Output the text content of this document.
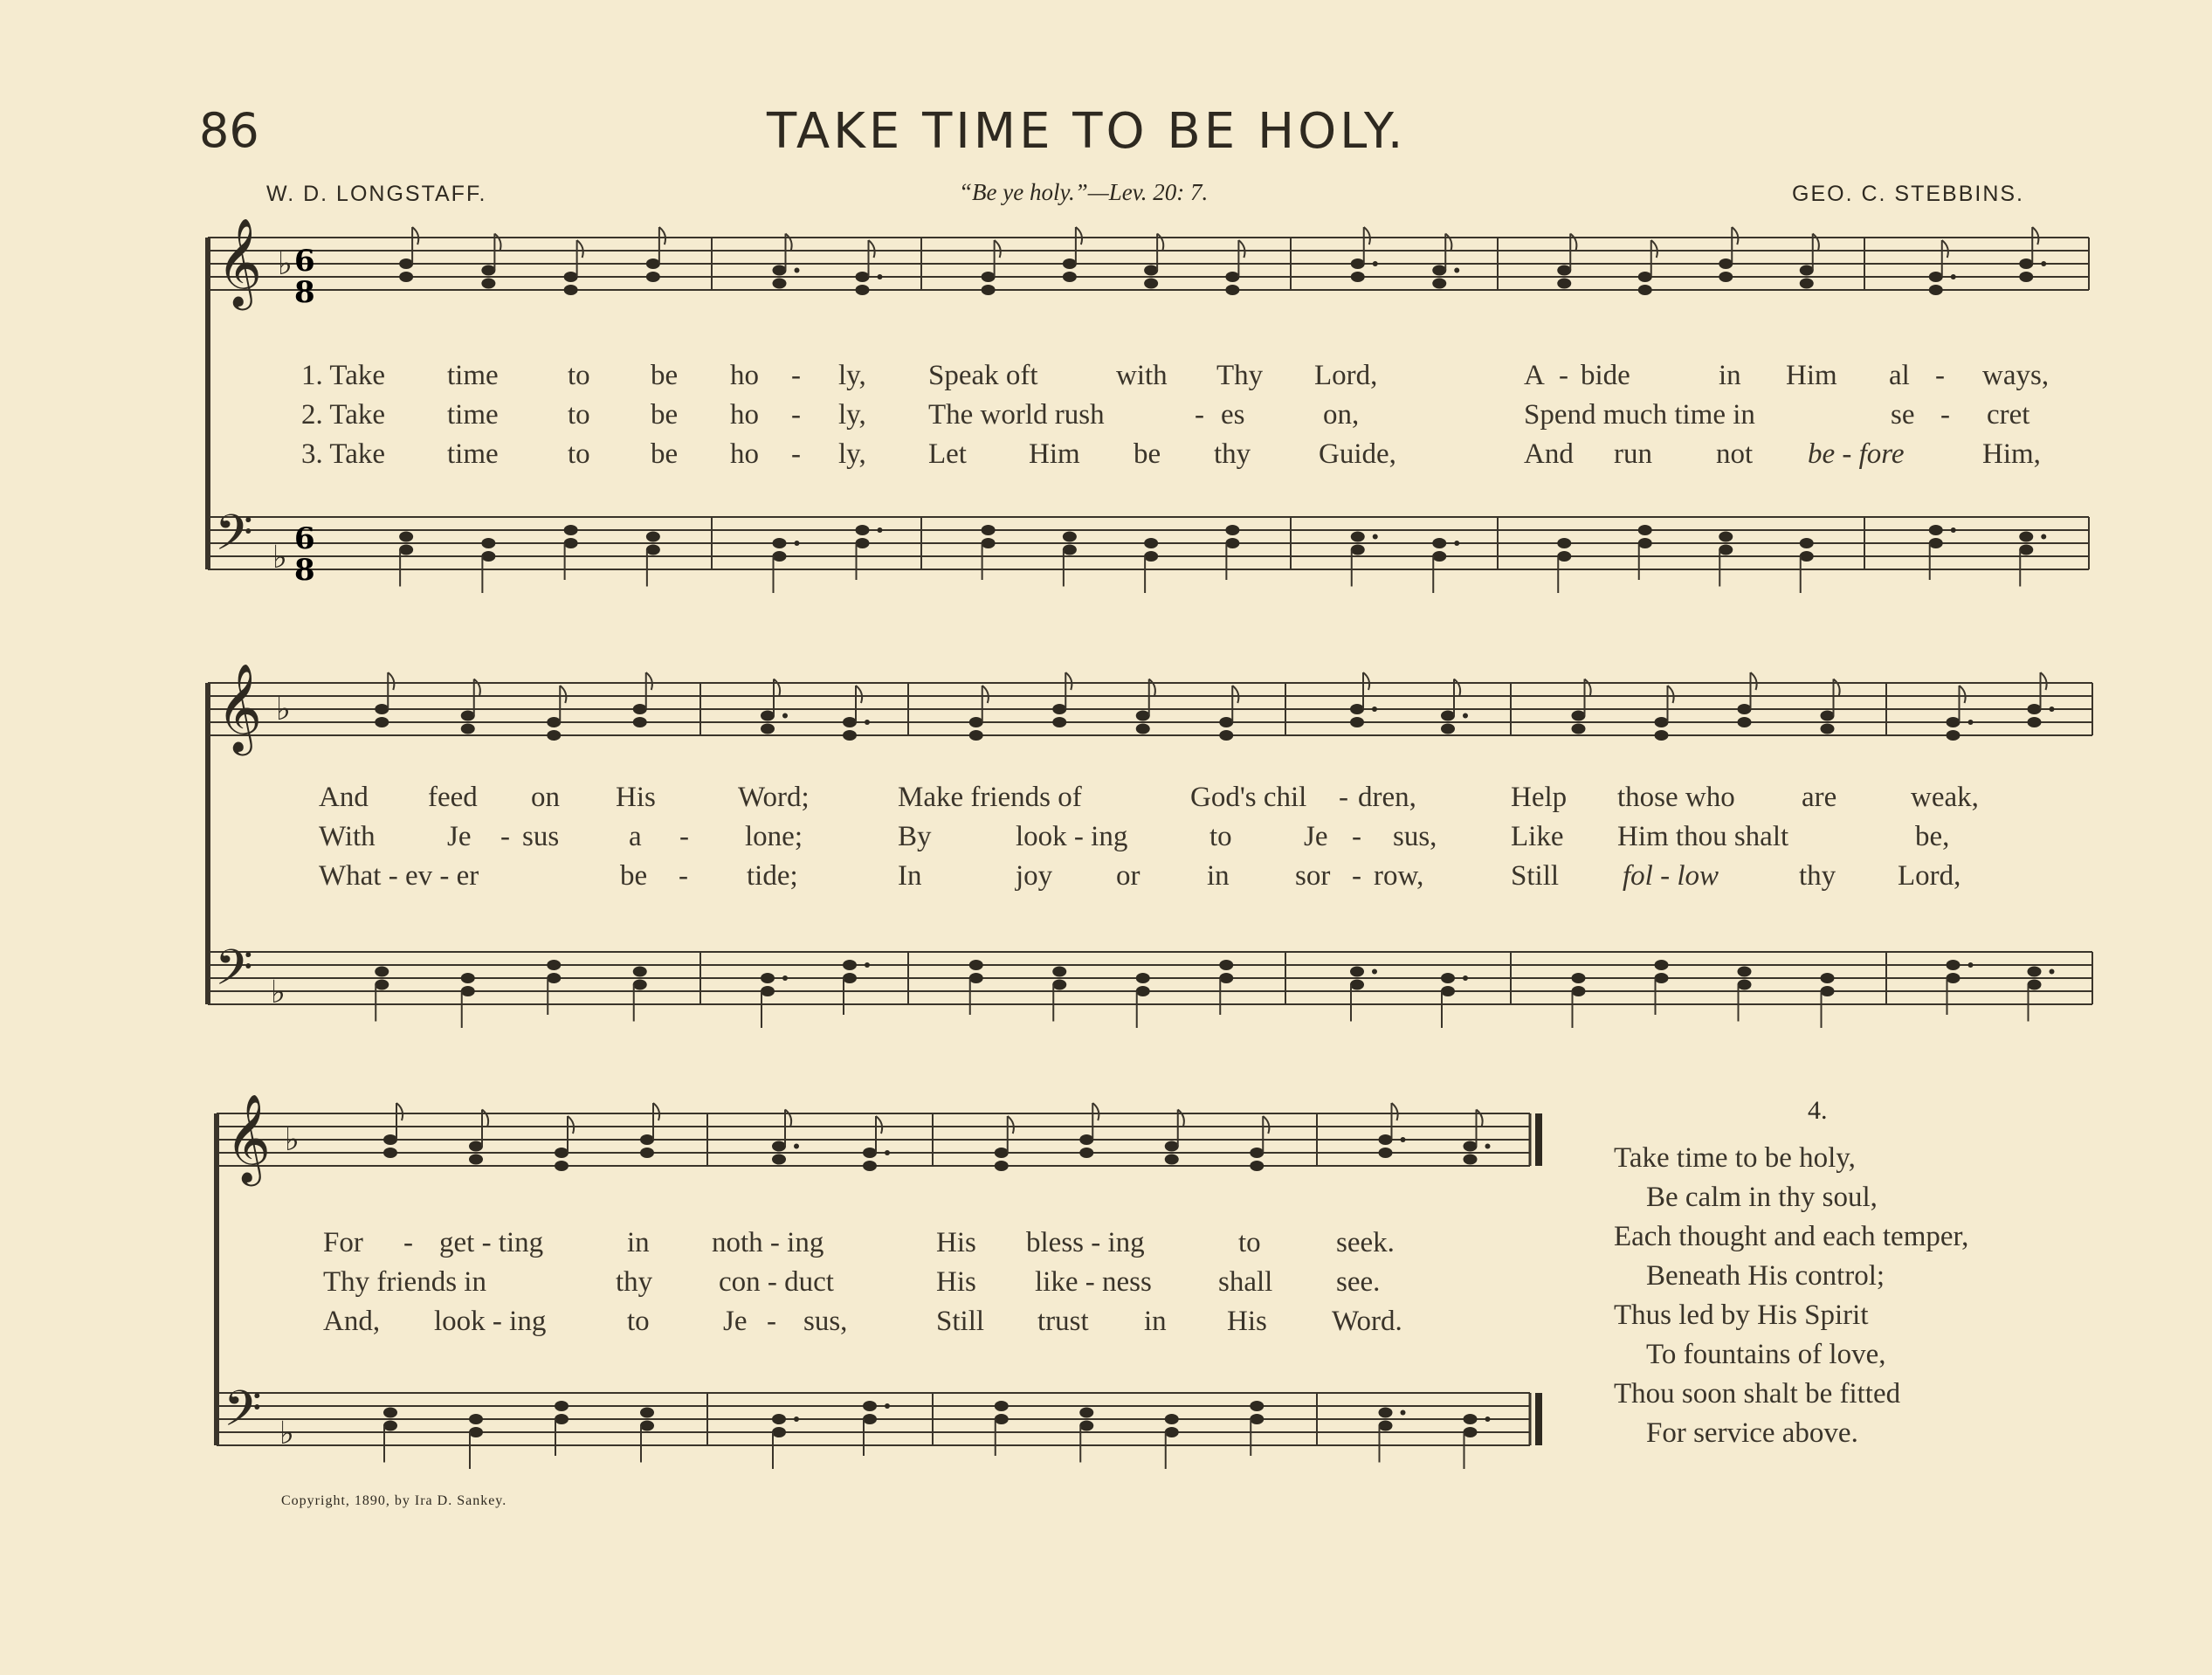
86	TAKE TIME TO BE HOLY.
W. D. LONGSTAFF.	“Be ye holy.”—Lev. 20: 7.	GEO. C. STEBBINS.
𝄞
𝄢
♭
♭
𝄞
𝄢
♭
♭
𝄞
𝄢
♭
♭
6
8
6
8
1. Take time to be ho - ly, Speak oft	with Thy Lord,	A - bide	in Him al - ways,
2. Take time to be ho - ly, The world rush	- es	on,	Spend much time in	se - cret
3. Take time to be ho - ly, Let Him be thy Guide,	And run not be - fore	Him,
And feed on His	Word;	Make friends of	God's chil - dren,	Help those who are	weak,
With Je - sus a - lone;	By	look - ing	to Je - sus,	Like Him thou shalt	be,
What - ev - er	be - tide;	In	joy or in sor - row,	Still fol - low	thy Lord,
For - get - ting	in noth - ing	His bless - ing	to	seek.
Thy friends in	thy con - duct	His like - ness shall see.
And, look - ing	to	Je - sus,	Still trust in His Word.
4.
Take time to be holy,
Be calm in thy soul,
Each thought and each temper,
Beneath His control;
Thus led by His Spirit
To fountains of love,
Thou soon shalt be fitted
For service above.
Copyright, 1890, by Ira D. Sankey.
